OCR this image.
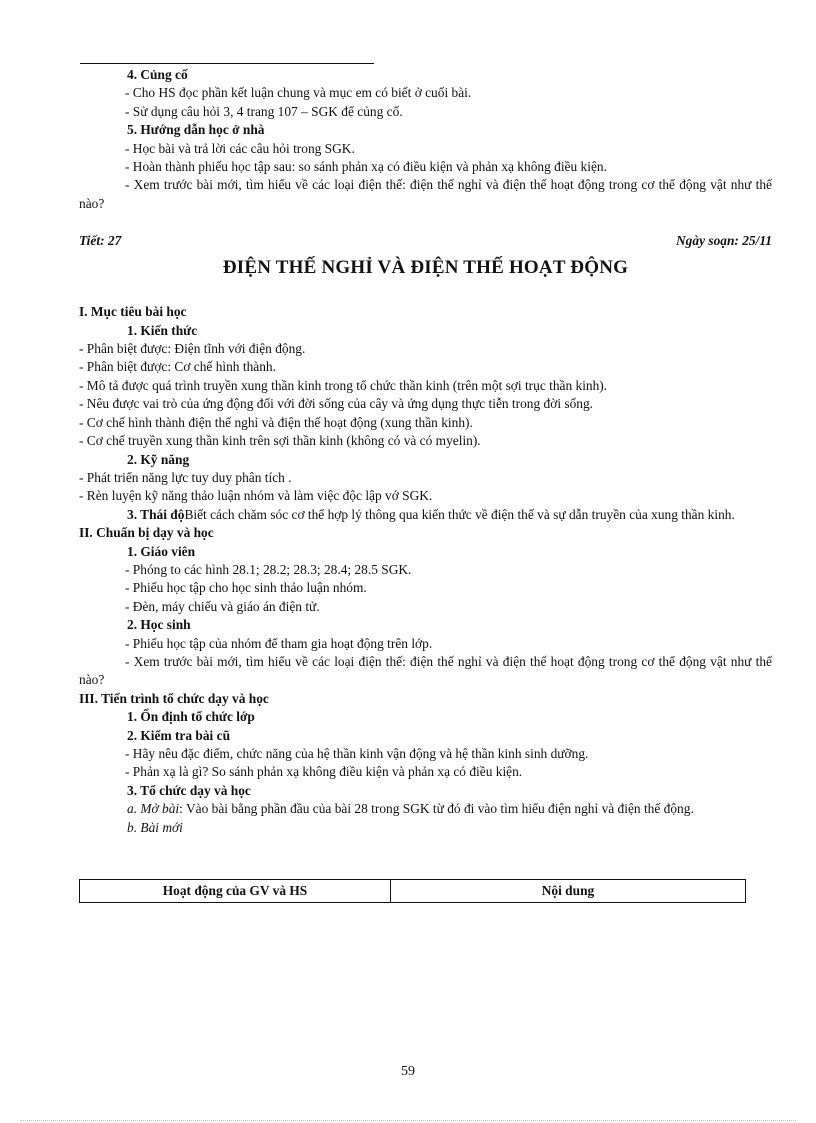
4. Củng cố
- Cho HS đọc phần kết luận chung và mục em có biết ở cuối bài.
- Sử dụng câu hỏi 3, 4 trang 107 – SGK để củng cố.
5. Hướng dẫn học ở nhà
- Học bài và trả lời các câu hỏi trong SGK.
- Hoàn thành phiếu học tập sau: so sánh phản xạ có điều kiện và phản xạ không điều kiện.
- Xem trước bài mới, tìm hiểu về các loại điện thế: điện thế nghỉ và điện thế hoạt động trong cơ thể động vật như thế nào?
Tiết: 27	Ngày soạn: 25/11
ĐIỆN THẾ NGHỈ VÀ ĐIỆN THẾ HOẠT ĐỘNG
I. Mục tiêu bài học
1. Kiến thức
- Phân biệt được: Điện tĩnh với điện động.
- Phân biệt được: Cơ chế hình thành.
- Mô tả được quá trình truyền xung thần kinh trong tổ chức thần kinh (trên một sợi trục thần kinh).
- Nêu được vai trò của ứng động đối với đời sống của cây và ứng dụng thực tiễn trong đời sống.
- Cơ chế hình thành điện thế nghỉ và điện thế hoạt động (xung thần kinh).
- Cơ chế truyền xung thần kinh trên sợi thần kinh (không có và có myelin).
2. Kỹ năng
- Phát triển năng lực tuy duy phân tích .
- Rèn luyện kỹ năng thảo luận nhóm và làm việc độc lập vớ SGK.
3. Thái độBiết cách chăm sóc cơ thể hợp lý thông qua kiến thức về điện thế và sự dẫn truyền của xung thần kinh.
II. Chuẩn bị dạy và học
1. Giáo viên
- Phóng to các hình 28.1; 28.2; 28.3; 28.4; 28.5 SGK.
- Phiếu học tập cho học sinh thảo luận nhóm.
- Đèn, máy chiếu và giáo án điện tử.
2. Học sinh
- Phiếu học tập của nhóm để tham gia hoạt động trên lớp.
- Xem trước bài mới, tìm hiểu về các loại điện thế: điện thế nghỉ và điện thế hoạt động trong cơ thể động vật như thế nào?
III. Tiến trình tổ chức dạy và học
1. Ổn định tổ chức lớp
2. Kiểm tra bài cũ
- Hãy nêu đặc điểm, chức năng của hệ thần kinh vận động và hệ thần kinh sinh dưỡng.
- Phản xạ là gì? So sánh phản xạ không điều kiện và phản xạ có điều kiện.
3. Tổ chức dạy và học
a. Mở bài: Vào bài bằng phần đầu của bài 28 trong SGK từ đó đi vào tìm hiểu điện nghỉ và điện thế động.
b. Bài mới
Hoạt động của GV và HS	Nội dung
59
